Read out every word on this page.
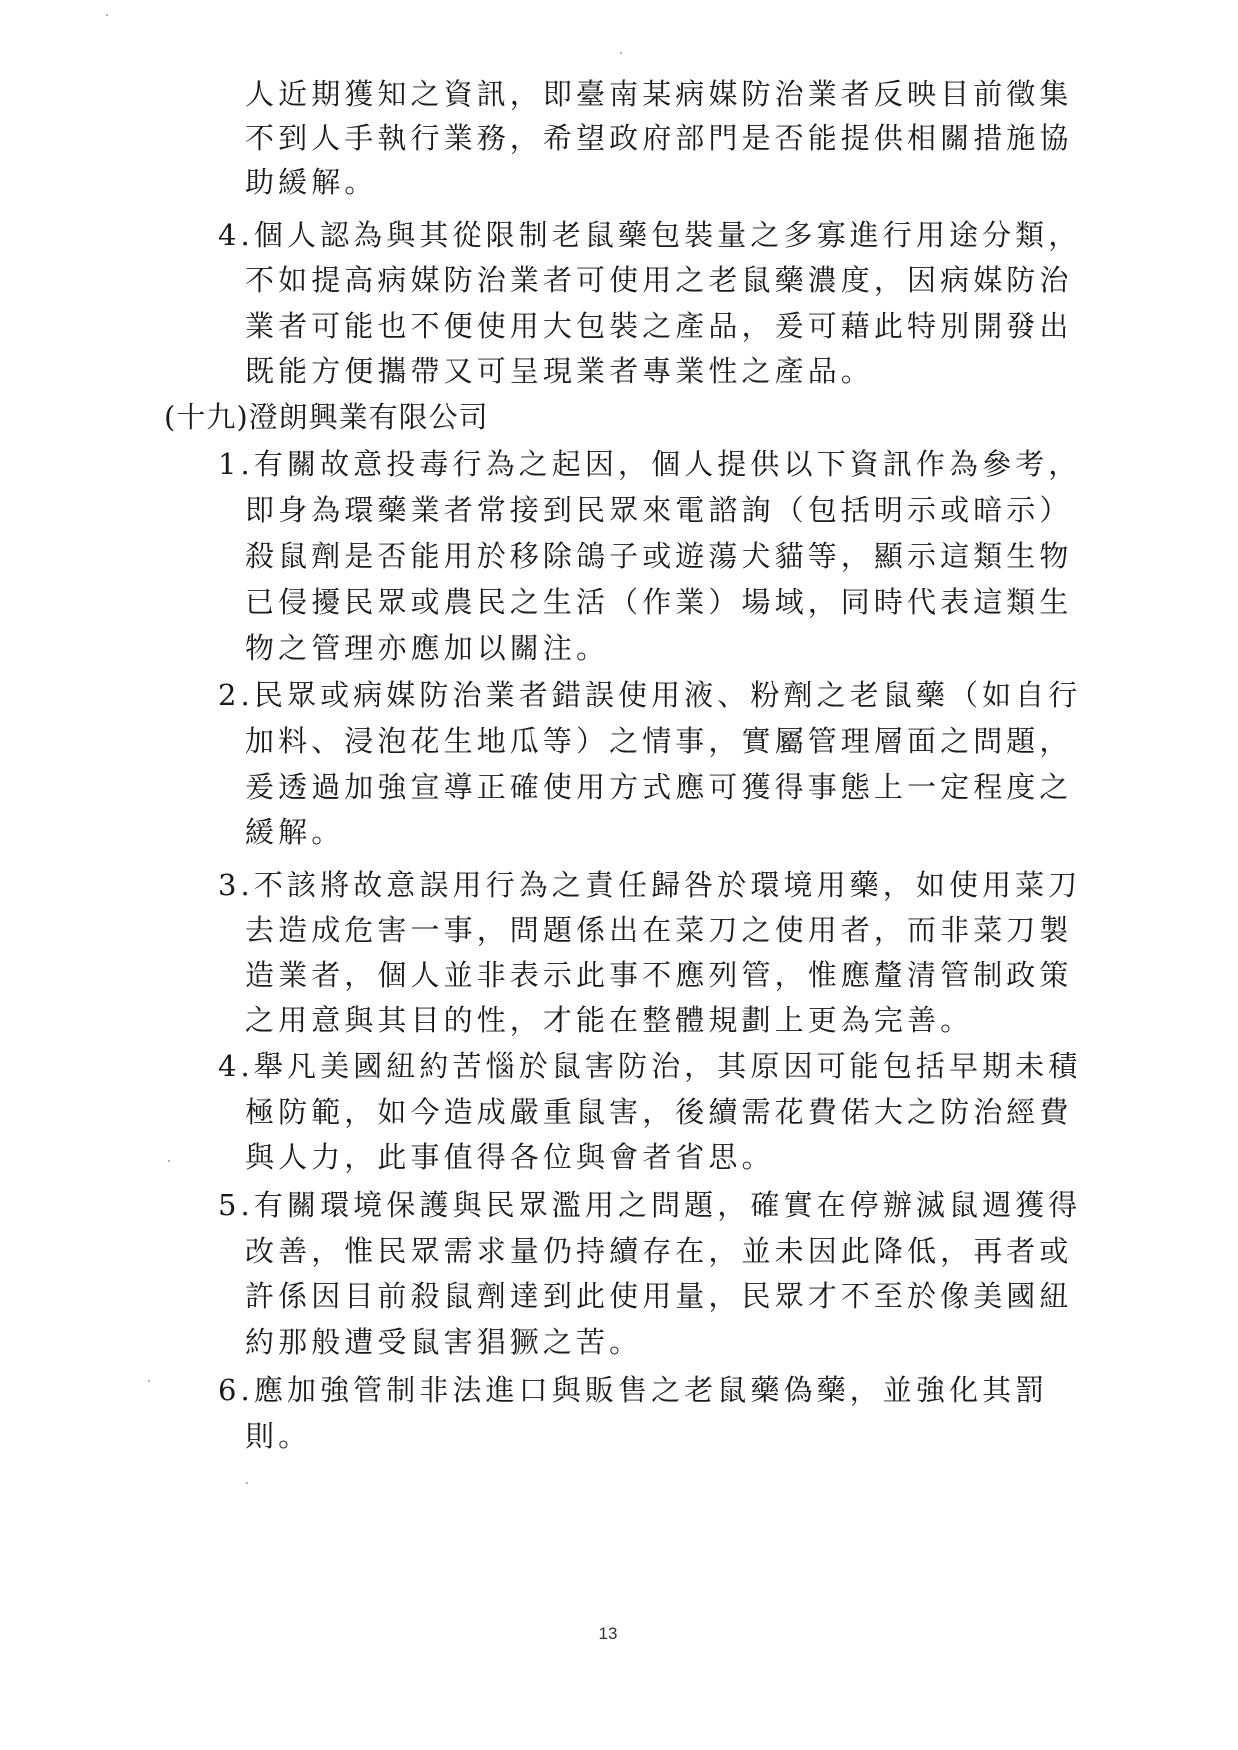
人近期獲知之資訊，即臺南某病媒防治業者反映目前徵集
不到人手執行業務，希望政府部門是否能提供相關措施協
助緩解。
4.個人認為與其從限制老鼠藥包裝量之多寡進行用途分類，
不如提高病媒防治業者可使用之老鼠藥濃度，因病媒防治
業者可能也不便使用大包裝之產品，爰可藉此特別開發出
既能方便攜帶又可呈現業者專業性之產品。
(十九)澄朗興業有限公司
1.有關故意投毒行為之起因，個人提供以下資訊作為參考，
即身為環藥業者常接到民眾來電諮詢（包括明示或暗示）
殺鼠劑是否能用於移除鴿子或遊蕩犬貓等，顯示這類生物
已侵擾民眾或農民之生活（作業）場域，同時代表這類生
物之管理亦應加以關注。
2.民眾或病媒防治業者錯誤使用液、粉劑之老鼠藥（如自行
加料、浸泡花生地瓜等）之情事，實屬管理層面之問題，
爰透過加強宣導正確使用方式應可獲得事態上一定程度之
緩解。
3.不該將故意誤用行為之責任歸咎於環境用藥，如使用菜刀
去造成危害一事，問題係出在菜刀之使用者，而非菜刀製
造業者，個人並非表示此事不應列管，惟應釐清管制政策
之用意與其目的性，才能在整體規劃上更為完善。
4.舉凡美國紐約苦惱於鼠害防治，其原因可能包括早期未積
極防範，如今造成嚴重鼠害，後續需花費偌大之防治經費
與人力，此事值得各位與會者省思。
5.有關環境保護與民眾濫用之問題，確實在停辦滅鼠週獲得
改善，惟民眾需求量仍持續存在，並未因此降低，再者或
許係因目前殺鼠劑達到此使用量，民眾才不至於像美國紐
約那般遭受鼠害猖獗之苦。
6.應加強管制非法進口與販售之老鼠藥偽藥，並強化其罰
則。
13
